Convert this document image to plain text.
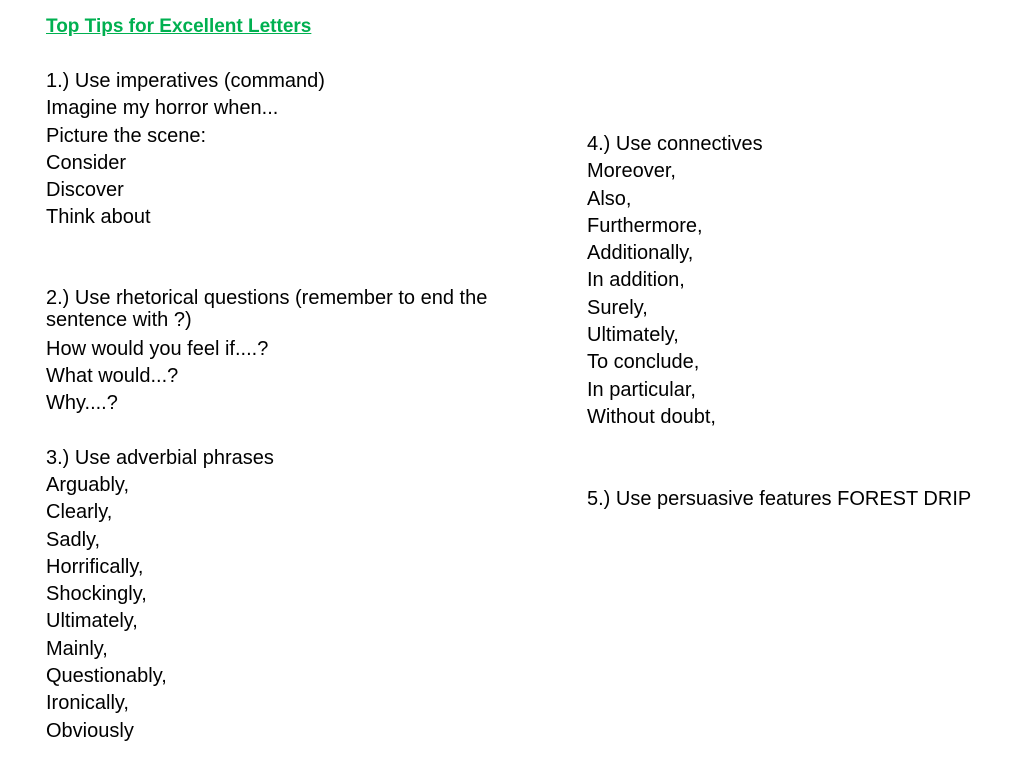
Top Tips for Excellent Letters
1.) Use imperatives (command)
Imagine my horror when...
Picture the scene:
Consider
Discover
Think about
2.) Use rhetorical questions (remember to end the sentence with ?)
How would you feel if....?
What would...?
Why....?
3.) Use adverbial phrases
Arguably,
Clearly,
Sadly,
Horrifically,
Shockingly,
Ultimately,
Mainly,
Questionably,
Ironically,
Obviously
4.) Use connectives
Moreover,
Also,
Furthermore,
Additionally,
In addition,
Surely,
Ultimately,
To conclude,
In particular,
Without doubt,
5.) Use persuasive features FOREST DRIP
